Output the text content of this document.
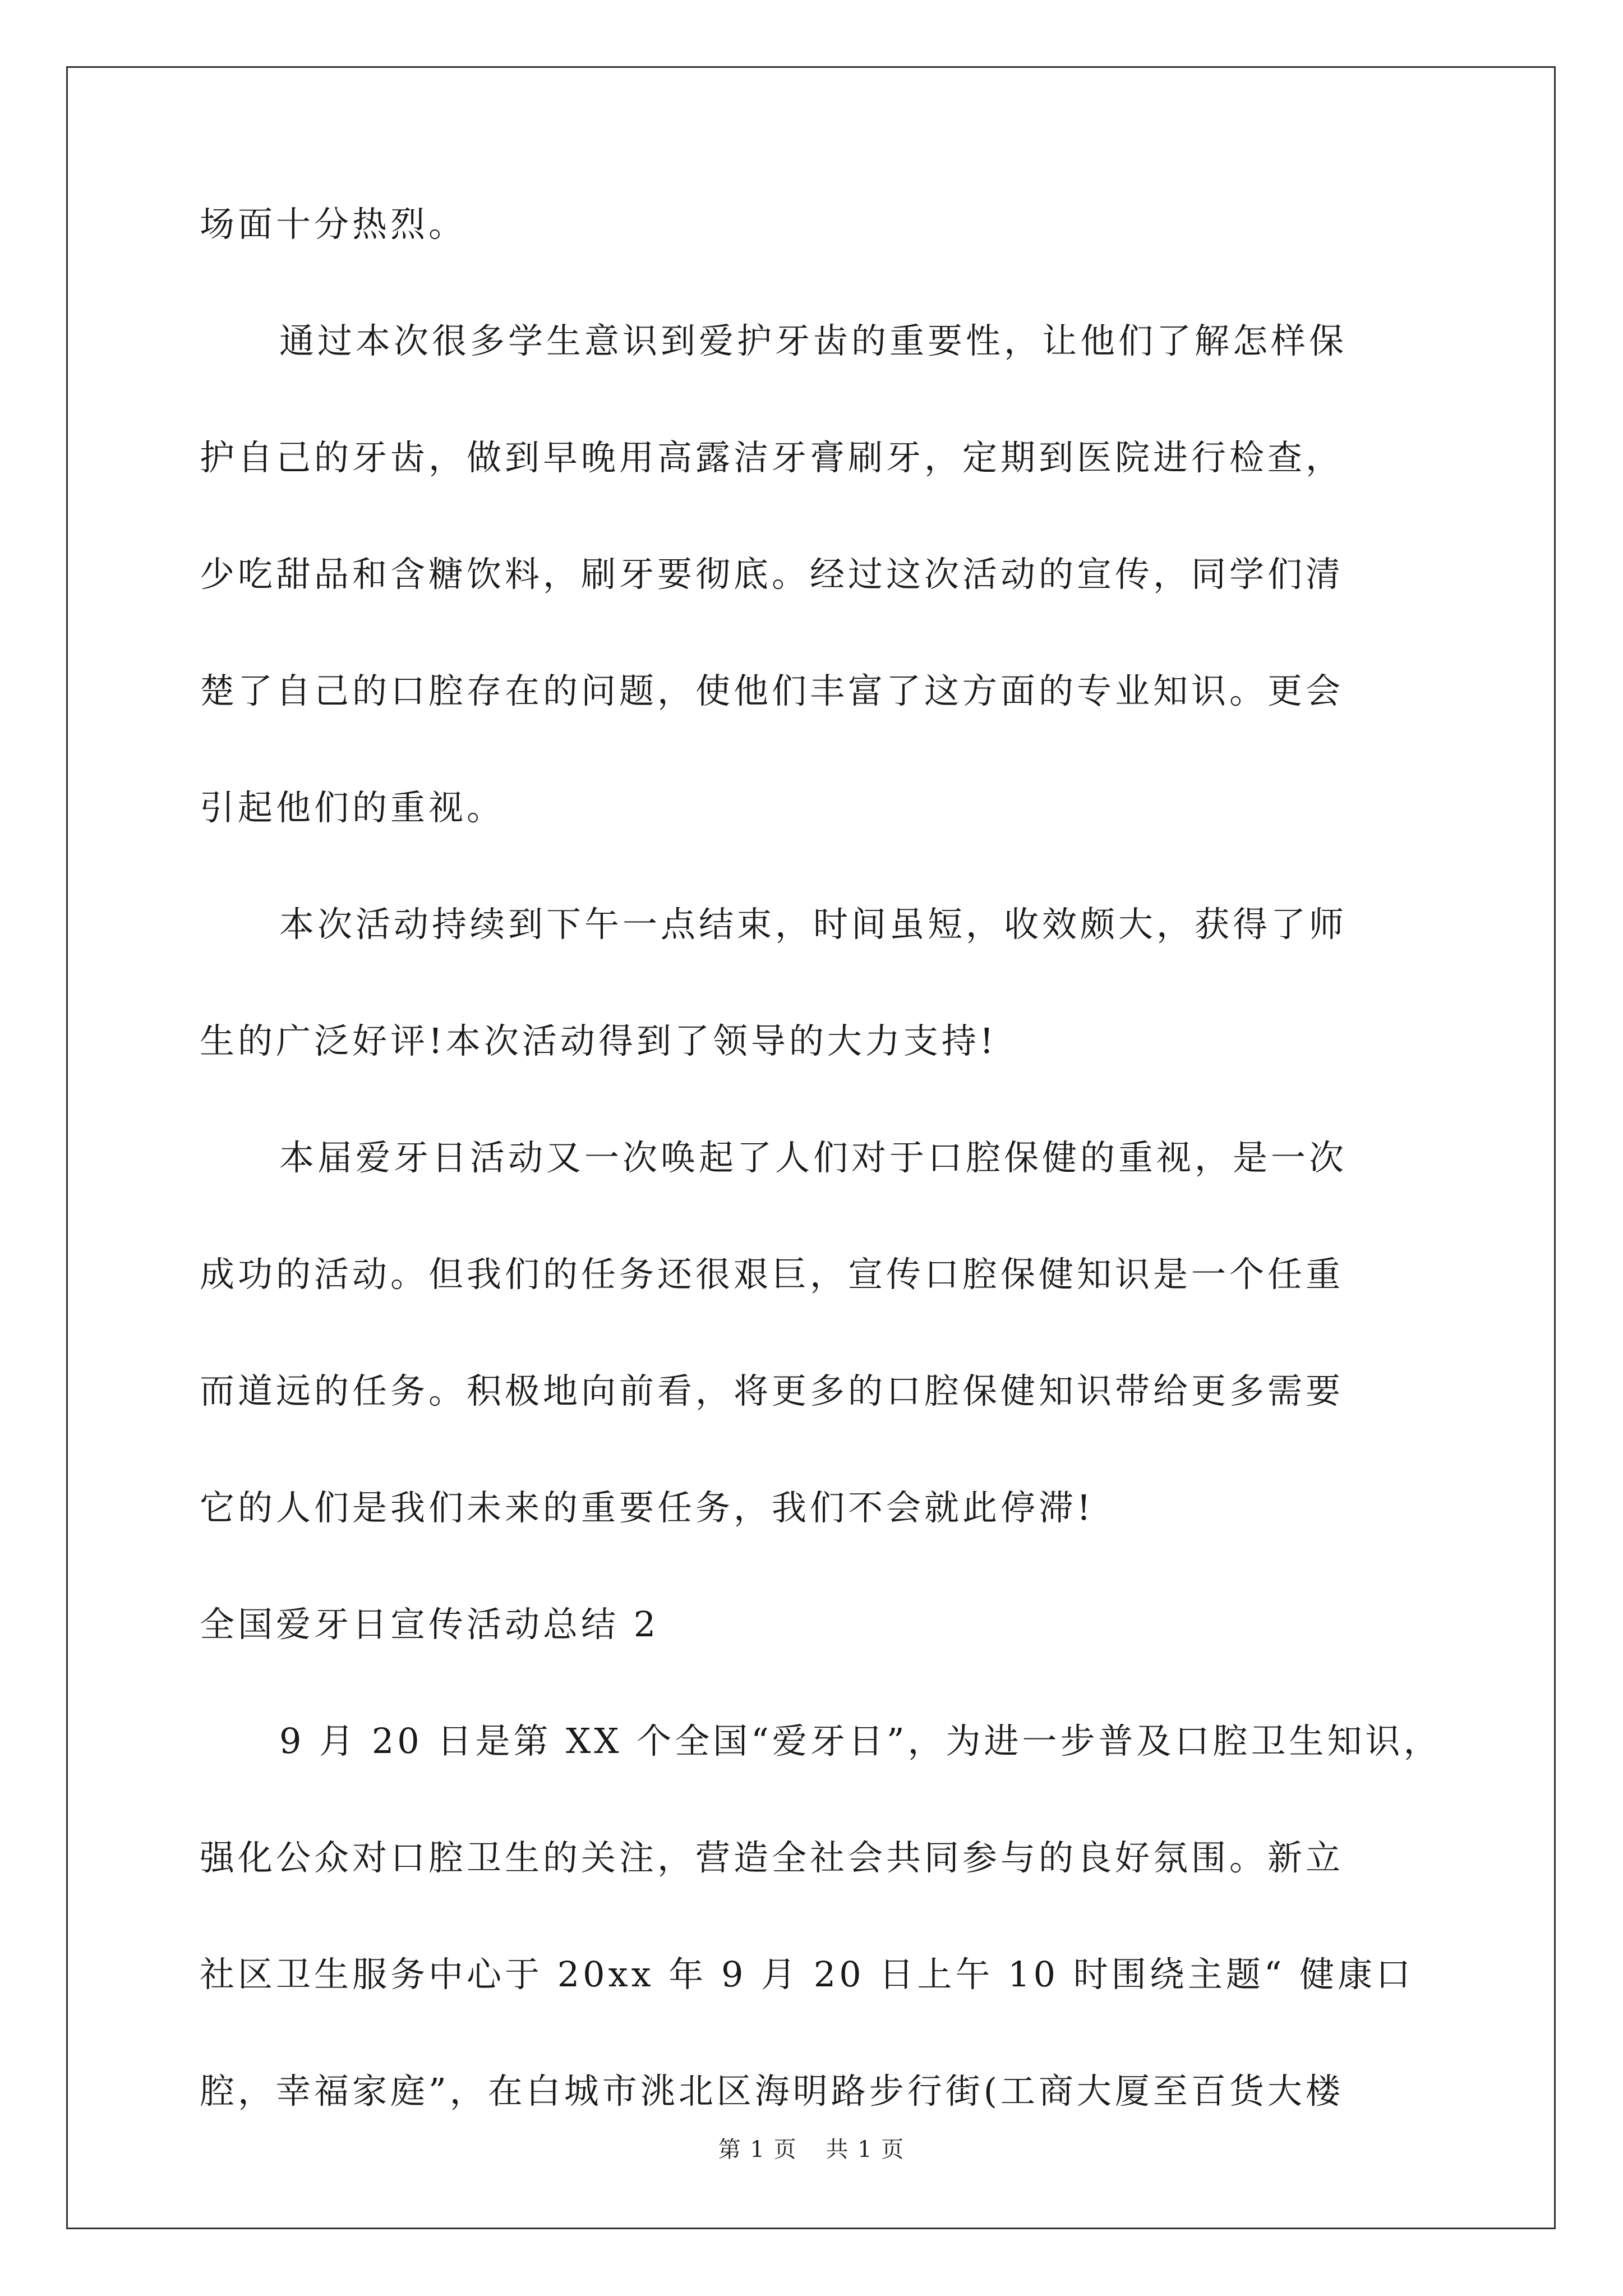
场面十分热烈。
通过本次很多学生意识到爱护牙齿的重要性，让他们了解怎样保
护自己的牙齿，做到早晚用高露洁牙膏刷牙，定期到医院进行检查，
少吃甜品和含糖饮料，刷牙要彻底。经过这次活动的宣传，同学们清
楚了自己的口腔存在的问题，使他们丰富了这方面的专业知识。更会
引起他们的重视。
本次活动持续到下午一点结束，时间虽短，收效颇大，获得了师
生的广泛好评!本次活动得到了领导的大力支持!
本届爱牙日活动又一次唤起了人们对于口腔保健的重视，是一次
成功的活动。但我们的任务还很艰巨，宣传口腔保健知识是一个任重
而道远的任务。积极地向前看，将更多的口腔保健知识带给更多需要
它的人们是我们未来的重要任务，我们不会就此停滞!
全国爱牙日宣传活动总结 2
9 月 20 日是第 XX 个全国“爱牙日”，为进一步普及口腔卫生知识，
强化公众对口腔卫生的关注，营造全社会共同参与的良好氛围。新立
社区卫生服务中心于 20xx 年 9 月 20 日上午 10 时围绕主题“ 健康口
腔，幸福家庭”，在白城市洮北区海明路步行街(工商大厦至百货大楼
第 1 页 共 1 页
